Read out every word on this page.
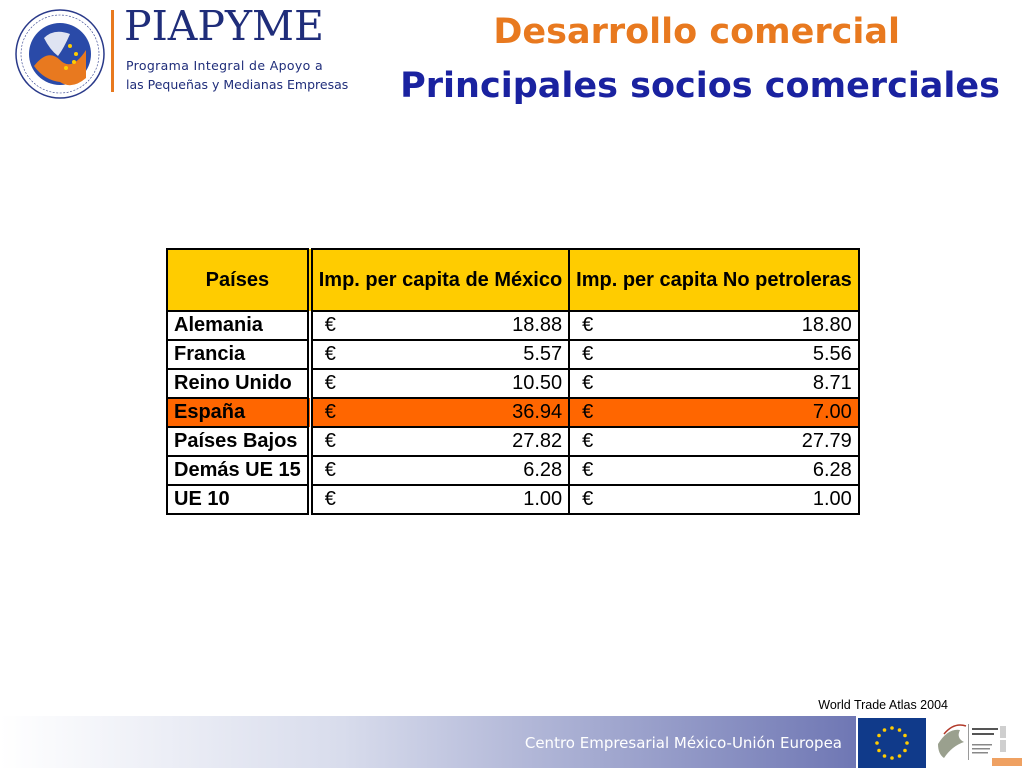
PIAPYME
Programa Integral de Apoyo a
las Pequeñas y Medianas Empresas
Desarrollo comercial
Principales socios comerciales
Países	Imp. per capita de México	Imp. per capita No petroleras
Alemania	€ 18.88	€ 18.80

Francia	€ 5.57	€ 5.56

Reino Unido	€ 10.50	€ 8.71

España	€ 36.94	€ 7.00

Países Bajos	€ 27.82	€ 27.79

Demás UE 15	€ 6.28	€ 6.28

UE 10	€ 1.00	€ 1.00
World Trade Atlas 2004
Centro Empresarial México-Unión Europea
